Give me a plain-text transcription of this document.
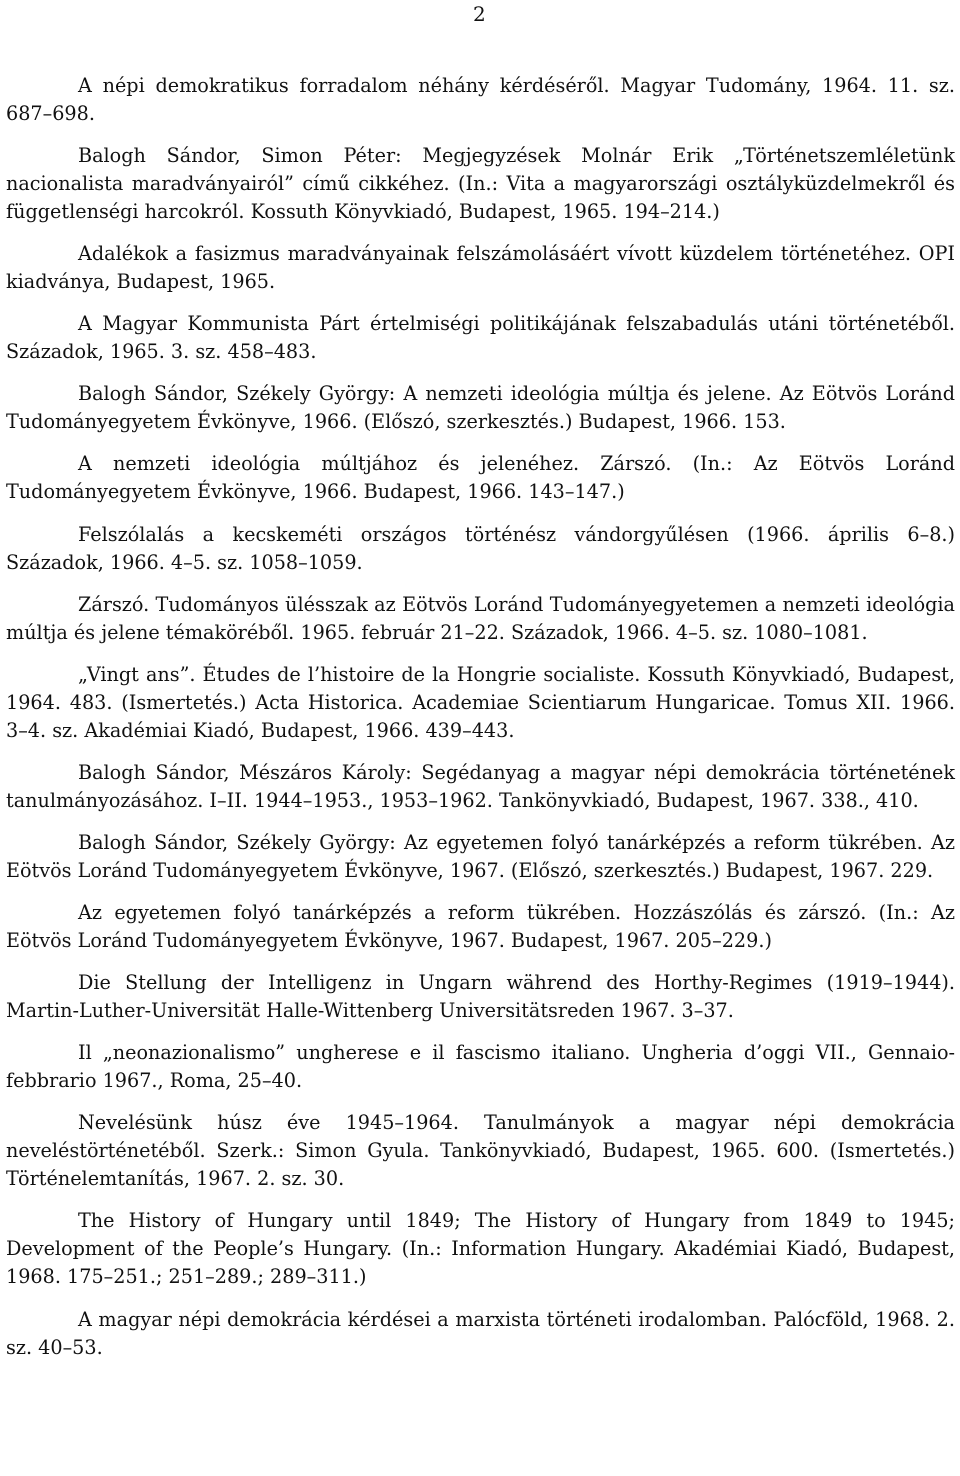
2
A népi demokratikus forradalom néhány kérdéséről. Magyar Tudomány, 1964. 11. sz. 687–698.
Balogh Sándor, Simon Péter: Megjegyzések Molnár Erik „Történetszemléletünk nacionalista maradványairól” című cikkéhez. (In.: Vita a magyarországi osztályküzdelmekről és függetlenségi harcokról. Kossuth Könyvkiadó, Budapest, 1965. 194–214.)
Adalékok a fasizmus maradványainak felszámolásáért vívott küzdelem történetéhez. OPI kiadványa, Budapest, 1965.
A Magyar Kommunista Párt értelmiségi politikájának felszabadulás utáni történetéből. Századok, 1965. 3. sz. 458–483.
Balogh Sándor, Székely György: A nemzeti ideológia múltja és jelene. Az Eötvös Loránd Tudományegyetem Évkönyve, 1966. (Előszó, szerkesztés.) Budapest, 1966. 153.
A nemzeti ideológia múltjához és jelenéhez. Zárszó. (In.: Az Eötvös Loránd Tudományegyetem Évkönyve, 1966. Budapest, 1966. 143–147.)
Felszólalás a kecskeméti országos történész vándorgyűlésen (1966. április 6–8.) Századok, 1966. 4–5. sz. 1058–1059.
Zárszó. Tudományos ülésszak az Eötvös Loránd Tudományegyetemen a nemzeti ideológia múltja és jelene témaköréből. 1965. február 21–22. Századok, 1966. 4–5. sz. 1080–1081.
„Vingt ans”. Études de l’histoire de la Hongrie socialiste. Kossuth Könyvkiadó, Budapest, 1964. 483. (Ismertetés.) Acta Historica. Academiae Scientiarum Hungaricae. Tomus XII. 1966. 3–4. sz. Akadémiai Kiadó, Budapest, 1966. 439–443.
Balogh Sándor, Mészáros Károly: Segédanyag a magyar népi demokrácia történetének tanulmányozásához. I–II. 1944–1953., 1953–1962. Tankönyvkiadó, Budapest, 1967. 338., 410.
Balogh Sándor, Székely György: Az egyetemen folyó tanárképzés a reform tükrében. Az Eötvös Loránd Tudományegyetem Évkönyve, 1967. (Előszó, szerkesztés.) Budapest, 1967. 229.
Az egyetemen folyó tanárképzés a reform tükrében. Hozzászólás és zárszó. (In.: Az Eötvös Loránd Tudományegyetem Évkönyve, 1967. Budapest, 1967. 205–229.)
Die Stellung der Intelligenz in Ungarn während des Horthy-Regimes (1919–1944). Martin-Luther-Universität Halle-Wittenberg Universitätsreden 1967. 3–37.
Il „neonazionalismo” ungherese e il fascismo italiano. Ungheria d’oggi VII., Gennaio-febbrario 1967., Roma, 25–40.
Nevelésünk húsz éve 1945–1964. Tanulmányok a magyar népi demokrácia neveléstörténetéből. Szerk.: Simon Gyula. Tankönyvkiadó, Budapest, 1965. 600. (Ismertetés.) Történelemtanítás, 1967. 2. sz. 30.
The History of Hungary until 1849; The History of Hungary from 1849 to 1945; Development of the People’s Hungary. (In.: Information Hungary. Akadémiai Kiadó, Budapest, 1968. 175–251.; 251–289.; 289–311.)
A magyar népi demokrácia kérdései a marxista történeti irodalomban. Palócföld, 1968. 2. sz. 40–53.
